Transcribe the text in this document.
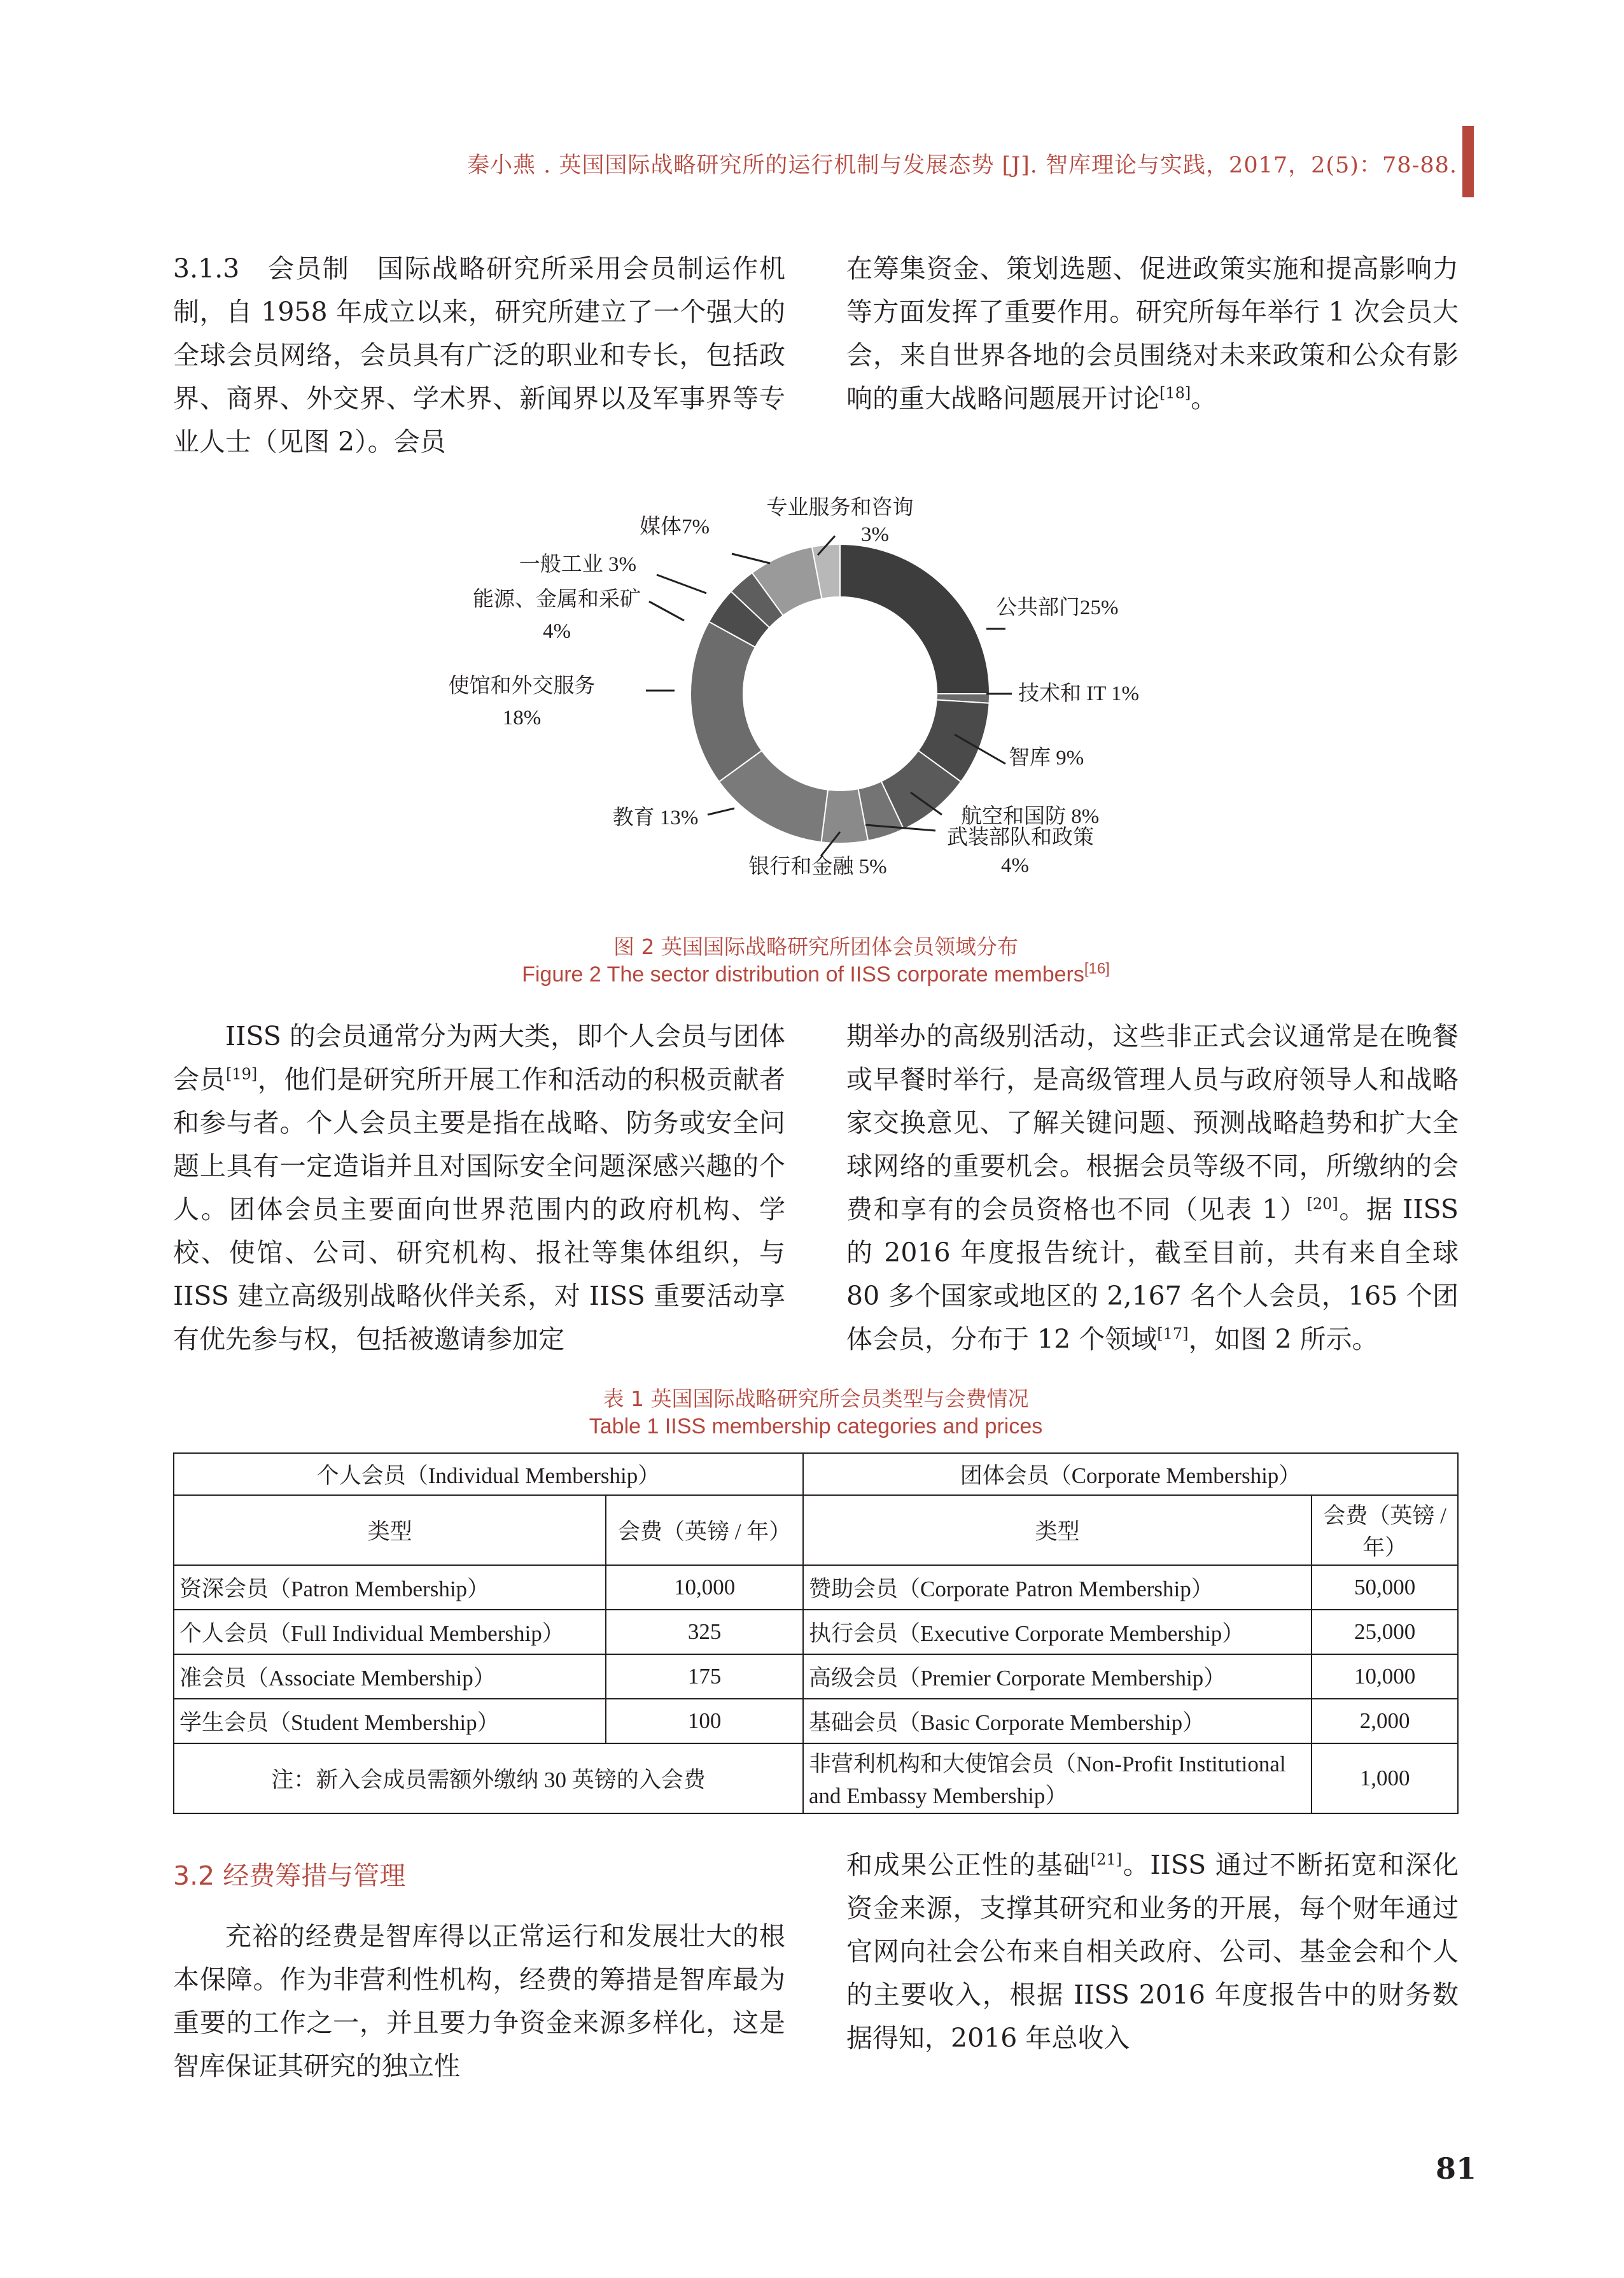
秦小燕 . 英国国际战略研究所的运行机制与发展态势 [J]. 智库理论与实践，2017，2(5)：78-88.

3.1.3　会员制　国际战略研究所采用会员制运作机制，自 1958 年成立以来，研究所建立了一个强大的全球会员网络，会员具有广泛的职业和专长，包括政界、商界、外交界、学术界、新闻界以及军事界等专业人士（见图 2）。会员

在筹集资金、策划选题、促进政策实施和提高影响力等方面发挥了重要作用。研究所每年举行 1 次会员大会，来自世界各地的会员围绕对未来政策和公众有影响的重大战略问题展开讨论[18]。

公共部门25%
技术和 IT 1%
智库 9%
航空和国防 8%
武装部队和政策
4%
银行和金融 5%
教育 13%
使馆和外交服务
18%
能源、金属和采矿
4%
一般工业 3%
媒体7%
专业服务和咨询
3%
图 2 英国国际战略研究所团体会员领域分布
Figure 2 The sector distribution of IISS corporate members[16]

IISS 的会员通常分为两大类，即个人会员与团体会员[19]，他们是研究所开展工作和活动的积极贡献者和参与者。个人会员主要是指在战略、防务或安全问题上具有一定造诣并且对国际安全问题深感兴趣的个人。团体会员主要面向世界范围内的政府机构、学校、使馆、公司、研究机构、报社等集体组织，与 IISS 建立高级别战略伙伴关系，对 IISS 重要活动享有优先参与权，包括被邀请参加定

期举办的高级别活动，这些非正式会议通常是在晚餐或早餐时举行，是高级管理人员与政府领导人和战略家交换意见、了解关键问题、预测战略趋势和扩大全球网络的重要机会。根据会员等级不同，所缴纳的会费和享有的会员资格也不同（见表 1）[20]。据 IISS 的 2016 年度报告统计，截至目前，共有来自全球 80 多个国家或地区的 2,167 名个人会员，165 个团体会员，分布于 12 个领域[17]，如图 2 所示。

表 1 英国国际战略研究所会员类型与会费情况
Table 1 IISS membership categories and prices
个人会员（Individual Membership）		团体会员（Corporate Membership）	
类型	会费（英镑 / 年）	类型	会费（英镑 / 年）
资深会员（Patron Membership）	10,000	赞助会员（Corporate Patron Membership）	50,000
个人会员（Full Individual Membership）	325	执行会员（Executive Corporate Membership）	25,000
准会员（Associate Membership）	175	高级会员（Premier Corporate Membership）	10,000
学生会员（Student Membership）	100	基础会员（Basic Corporate Membership）	2,000
注：新入会成员需额外缴纳 30 英镑的入会费		非营利机构和大使馆会员（Non-Profit Institutional and Embassy Membership）	1,000
3.2 经费筹措与管理

充裕的经费是智库得以正常运行和发展壮大的根本保障。作为非营利性机构，经费的筹措是智库最为重要的工作之一，并且要力争资金来源多样化，这是智库保证其研究的独立性

和成果公正性的基础[21]。IISS 通过不断拓宽和深化资金来源，支撑其研究和业务的开展，每个财年通过官网向社会公布来自相关政府、公司、基金会和个人的主要收入，根据 IISS 2016 年度报告中的财务数据得知，2016 年总收入

81
